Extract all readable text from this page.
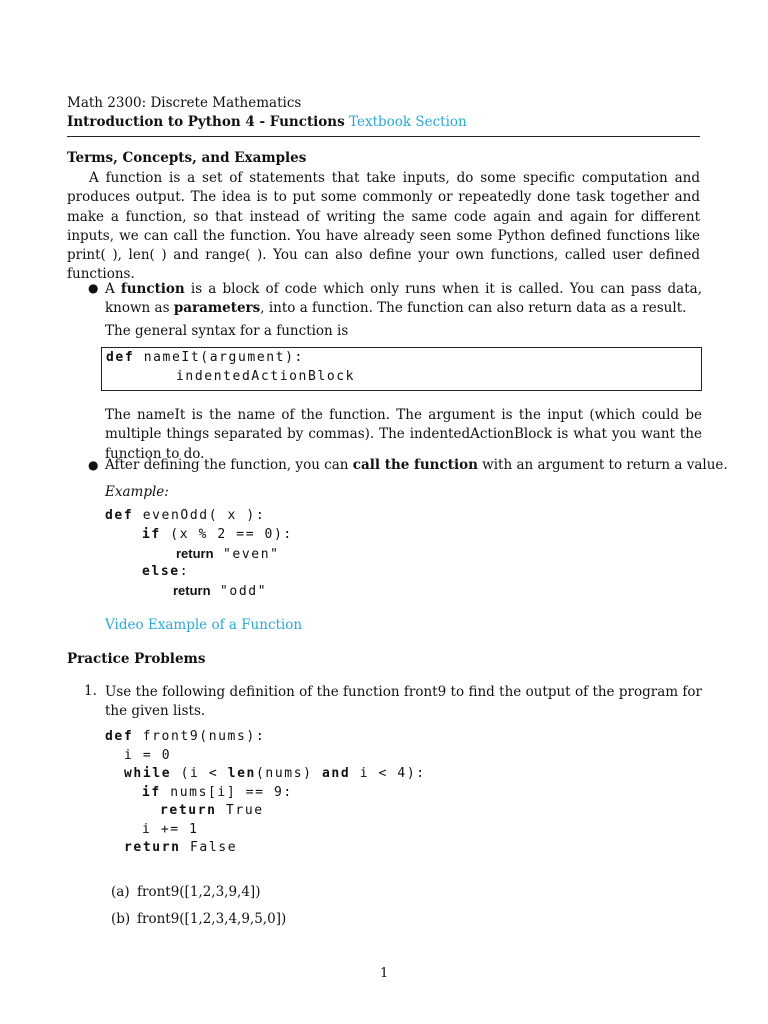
Math 2300: Discrete Mathematics
Introduction to Python 4 - Functions Textbook Section
Terms, Concepts, and Examples
A function is a set of statements that take inputs, do some specific computation and produces output. The idea is to put some commonly or repeatedly done task together and make a function, so that instead of writing the same code again and again for different inputs, we can call the function. You have already seen some Python defined functions like print( ), len( ) and range( ). You can also define your own functions, called user defined functions.
● A function is a block of code which only runs when it is called. You can pass data, known as parameters, into a function. The function can also return data as a result.
The general syntax for a function is
def nameIt(argument):
indentedActionBlock
The nameIt is the name of the function. The argument is the input (which could be multiple things separated by commas). The indentedActionBlock is what you want the function to do.
● After defining the function, you can call the function with an argument to return a value.
Example:
def evenOdd( x ):
if (x % 2 == 0):
return "even"
else:
return "odd"
Video Example of a Function
Practice Problems
1. Use the following definition of the function front9 to find the output of the program for the given lists.
def front9(nums):
i = 0
while (i < len(nums) and i < 4):
if nums[i] == 9:
return True
i += 1
return False
(a) front9([1,2,3,9,4])
(b) front9([1,2,3,4,9,5,0])
1
